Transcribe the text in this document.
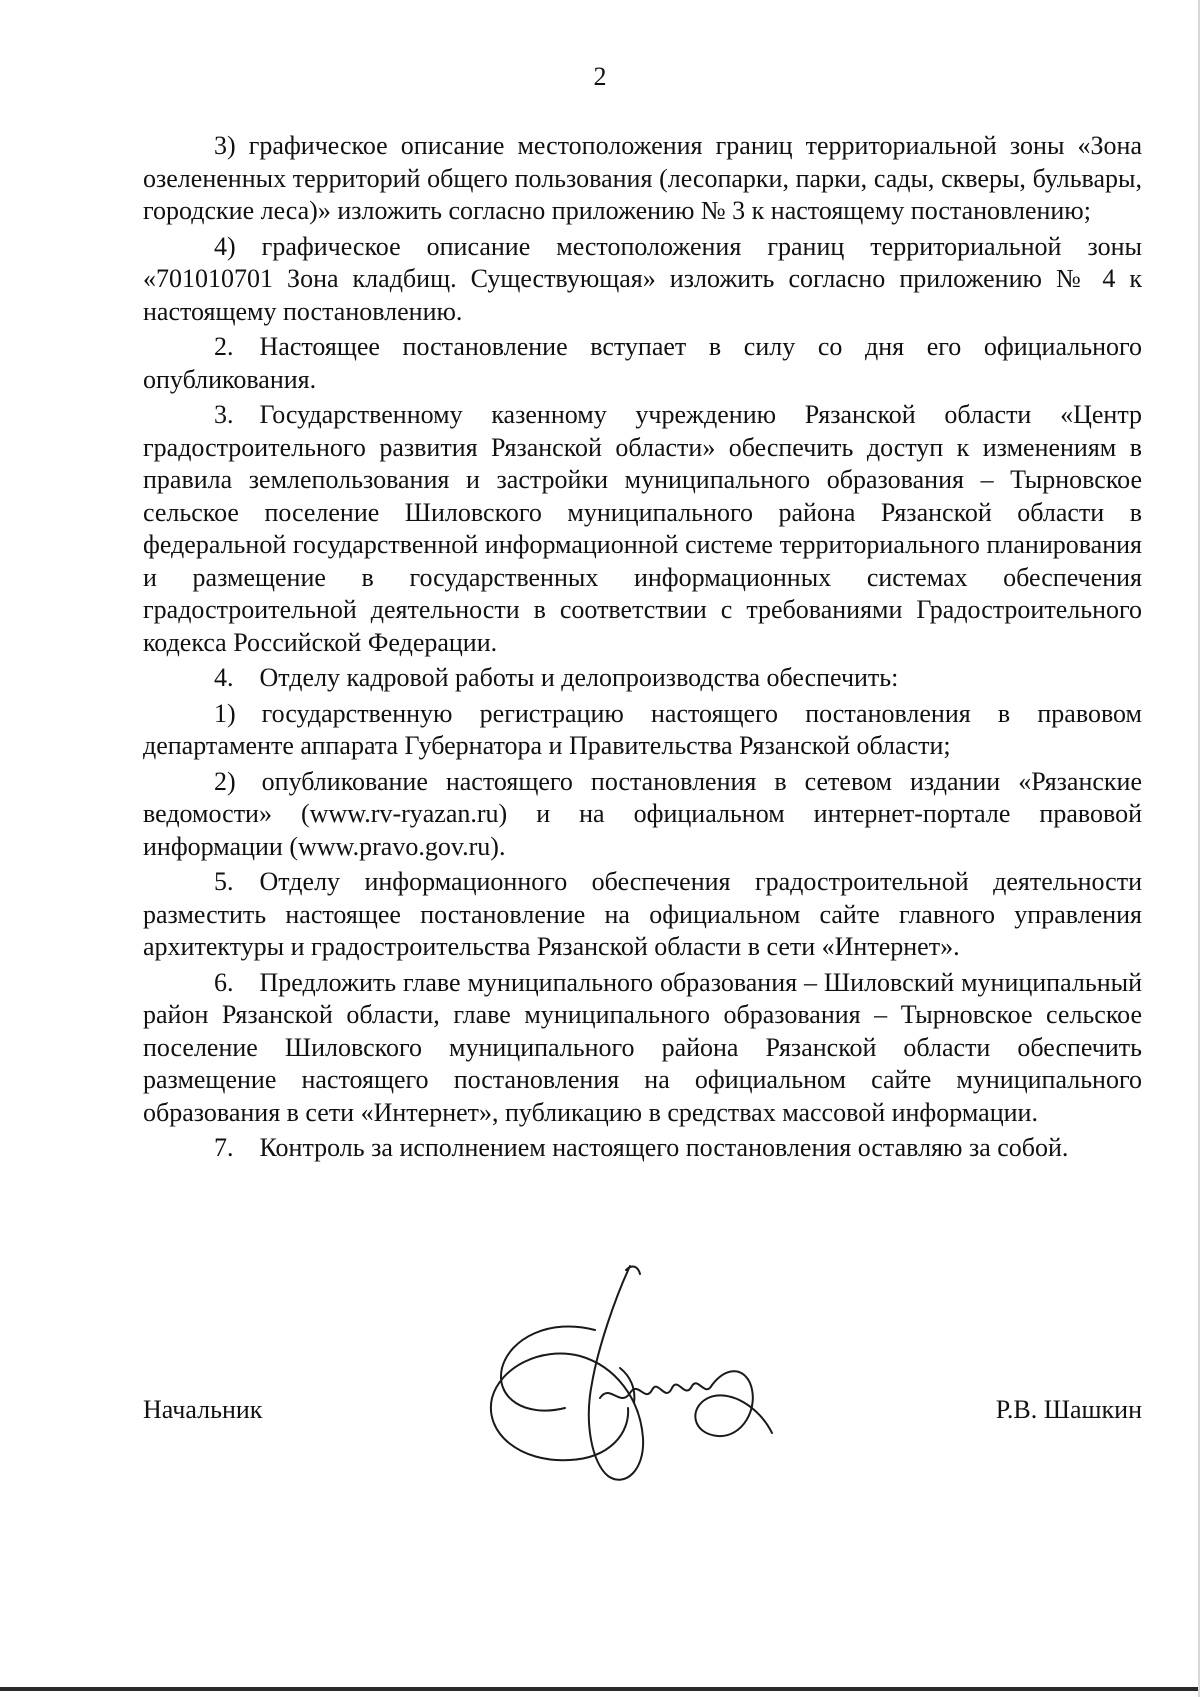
2

3) графическое описание местоположения границ территориальной зоны «Зона озелененных территорий общего пользования (лесопарки, парки, сады, скверы, бульвары, городские леса)» изложить согласно приложению № 3 к настоящему постановлению;

4) графическое описание местоположения границ территориальной зоны «701010701 Зона кладбищ. Существующая» изложить согласно приложению № 4 к настоящему постановлению.

2. Настоящее постановление вступает в силу со дня его официального опубликования.

3. Государственному казенному учреждению Рязанской области «Центр градостроительного развития Рязанской области» обеспечить доступ к изменениям в правила землепользования и застройки муниципального образования – Тырновское сельское поселение Шиловского муниципального района Рязанской области в федеральной государственной информационной системе территориального планирования и размещение в государственных информационных системах обеспечения градостроительной деятельности в соответствии с требованиями Градостроительного кодекса Российской Федерации.

4. Отделу кадровой работы и делопроизводства обеспечить:

1) государственную регистрацию настоящего постановления в правовом департаменте аппарата Губернатора и Правительства Рязанской области;

2) опубликование настоящего постановления в сетевом издании «Рязанские ведомости» (www.rv-ryazan.ru) и на официальном интернет-портале правовой информации (www.pravo.gov.ru).

5. Отделу информационного обеспечения градостроительной деятельности разместить настоящее постановление на официальном сайте главного управления архитектуры и градостроительства Рязанской области в сети «Интернет».

6. Предложить главе муниципального образования – Шиловский муниципальный район Рязанской области, главе муниципального образования – Тырновское сельское поселение Шиловского муниципального района Рязанской области обеспечить размещение настоящего постановления на официальном сайте муниципального образования в сети «Интернет», публикацию в средствах массовой информации.

7. Контроль за исполнением настоящего постановления оставляю за собой.

Начальник	Р.В. Шашкин
